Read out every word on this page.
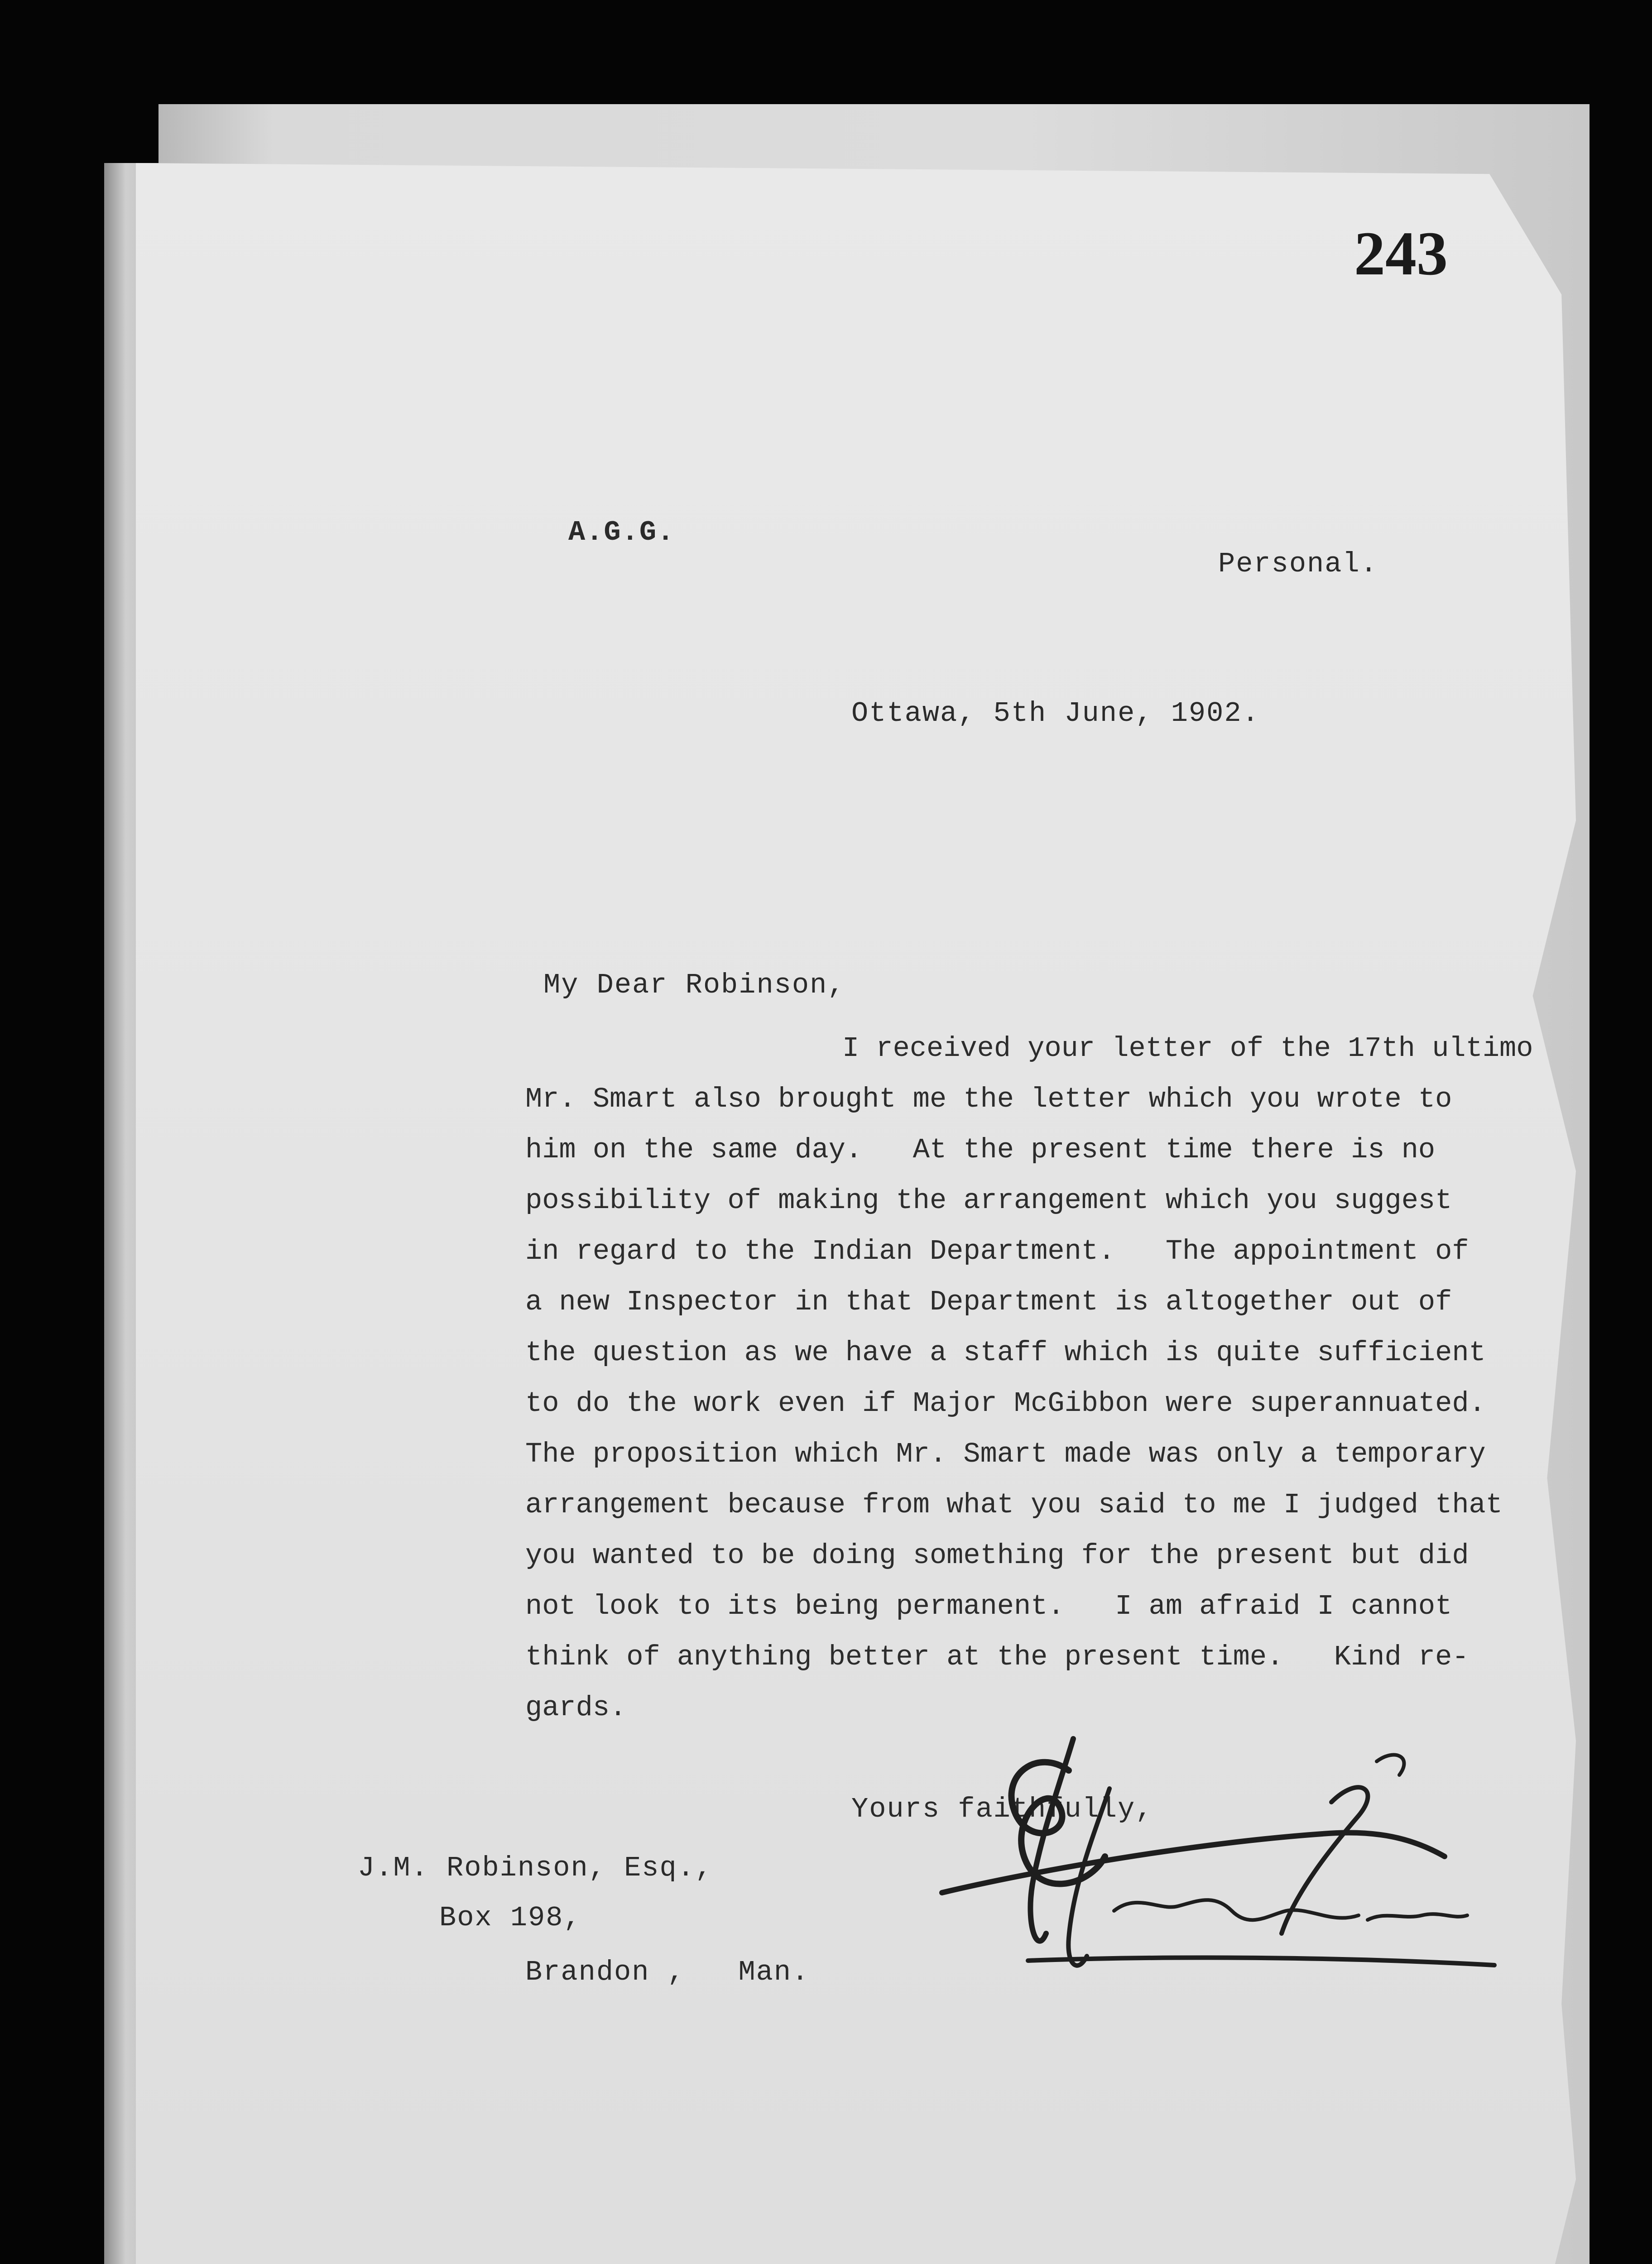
243
A.G.G.
Personal.
Ottawa, 5th June, 1902.
My Dear Robinson,
I received your letter of the 17th ultimo
Mr. Smart also brought me the letter which you wrote to
him on the same day.   At the present time there is no
possibility of making the arrangement which you suggest
in regard to the Indian Department.   The appointment of
a new Inspector in that Department is altogether out of
the question as we have a staff which is quite sufficient
to do the work even if Major McGibbon were superannuated.
The proposition which Mr. Smart made was only a temporary
arrangement because from what you said to me I judged that
you wanted to be doing something for the present but did
not look to its being permanent.   I am afraid I cannot
think of anything better at the present time.   Kind re-
gards.
Yours faithfully,
J.M. Robinson, Esq.,
Box 198,
Brandon ,   Man.
